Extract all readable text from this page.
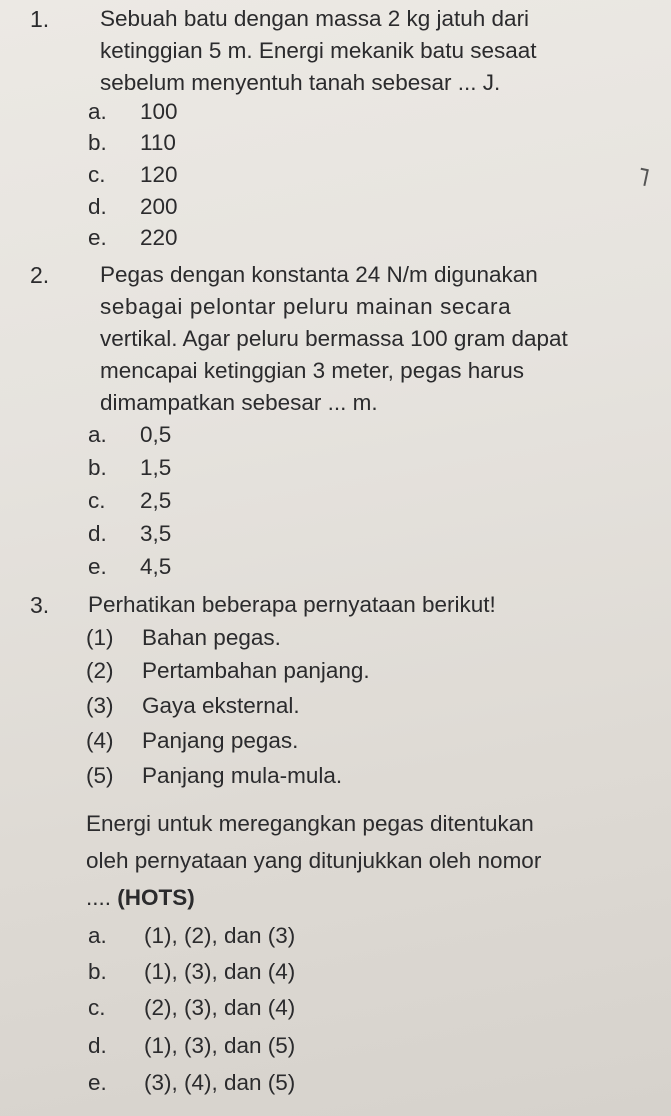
1. Sebuah batu dengan massa 2 kg jatuh dari
ketinggian 5 m. Energi mekanik batu sesaat
sebelum menyentuh tanah sebesar ... J.
a. 100
b. 110
c. 120
d. 200
e. 220
2. Pegas dengan konstanta 24 N/m digunakan
sebagai pelontar peluru mainan secara
vertikal. Agar peluru bermassa 100 gram dapat
mencapai ketinggian 3 meter, pegas harus
dimampatkan sebesar ... m.
a. 0,5
b. 1,5
c. 2,5
d. 3,5
e. 4,5
3. Perhatikan beberapa pernyataan berikut!
(1) Bahan pegas.
(2) Pertambahan panjang.
(3) Gaya eksternal.
(4) Panjang pegas.
(5) Panjang mula-mula.
Energi untuk meregangkan pegas ditentukan
oleh pernyataan yang ditunjukkan oleh nomor
.... (HOTS)
a. (1), (2), dan (3)
b. (1), (3), dan (4)
c. (2), (3), dan (4)
d. (1), (3), dan (5)
e. (3), (4), dan (5)
